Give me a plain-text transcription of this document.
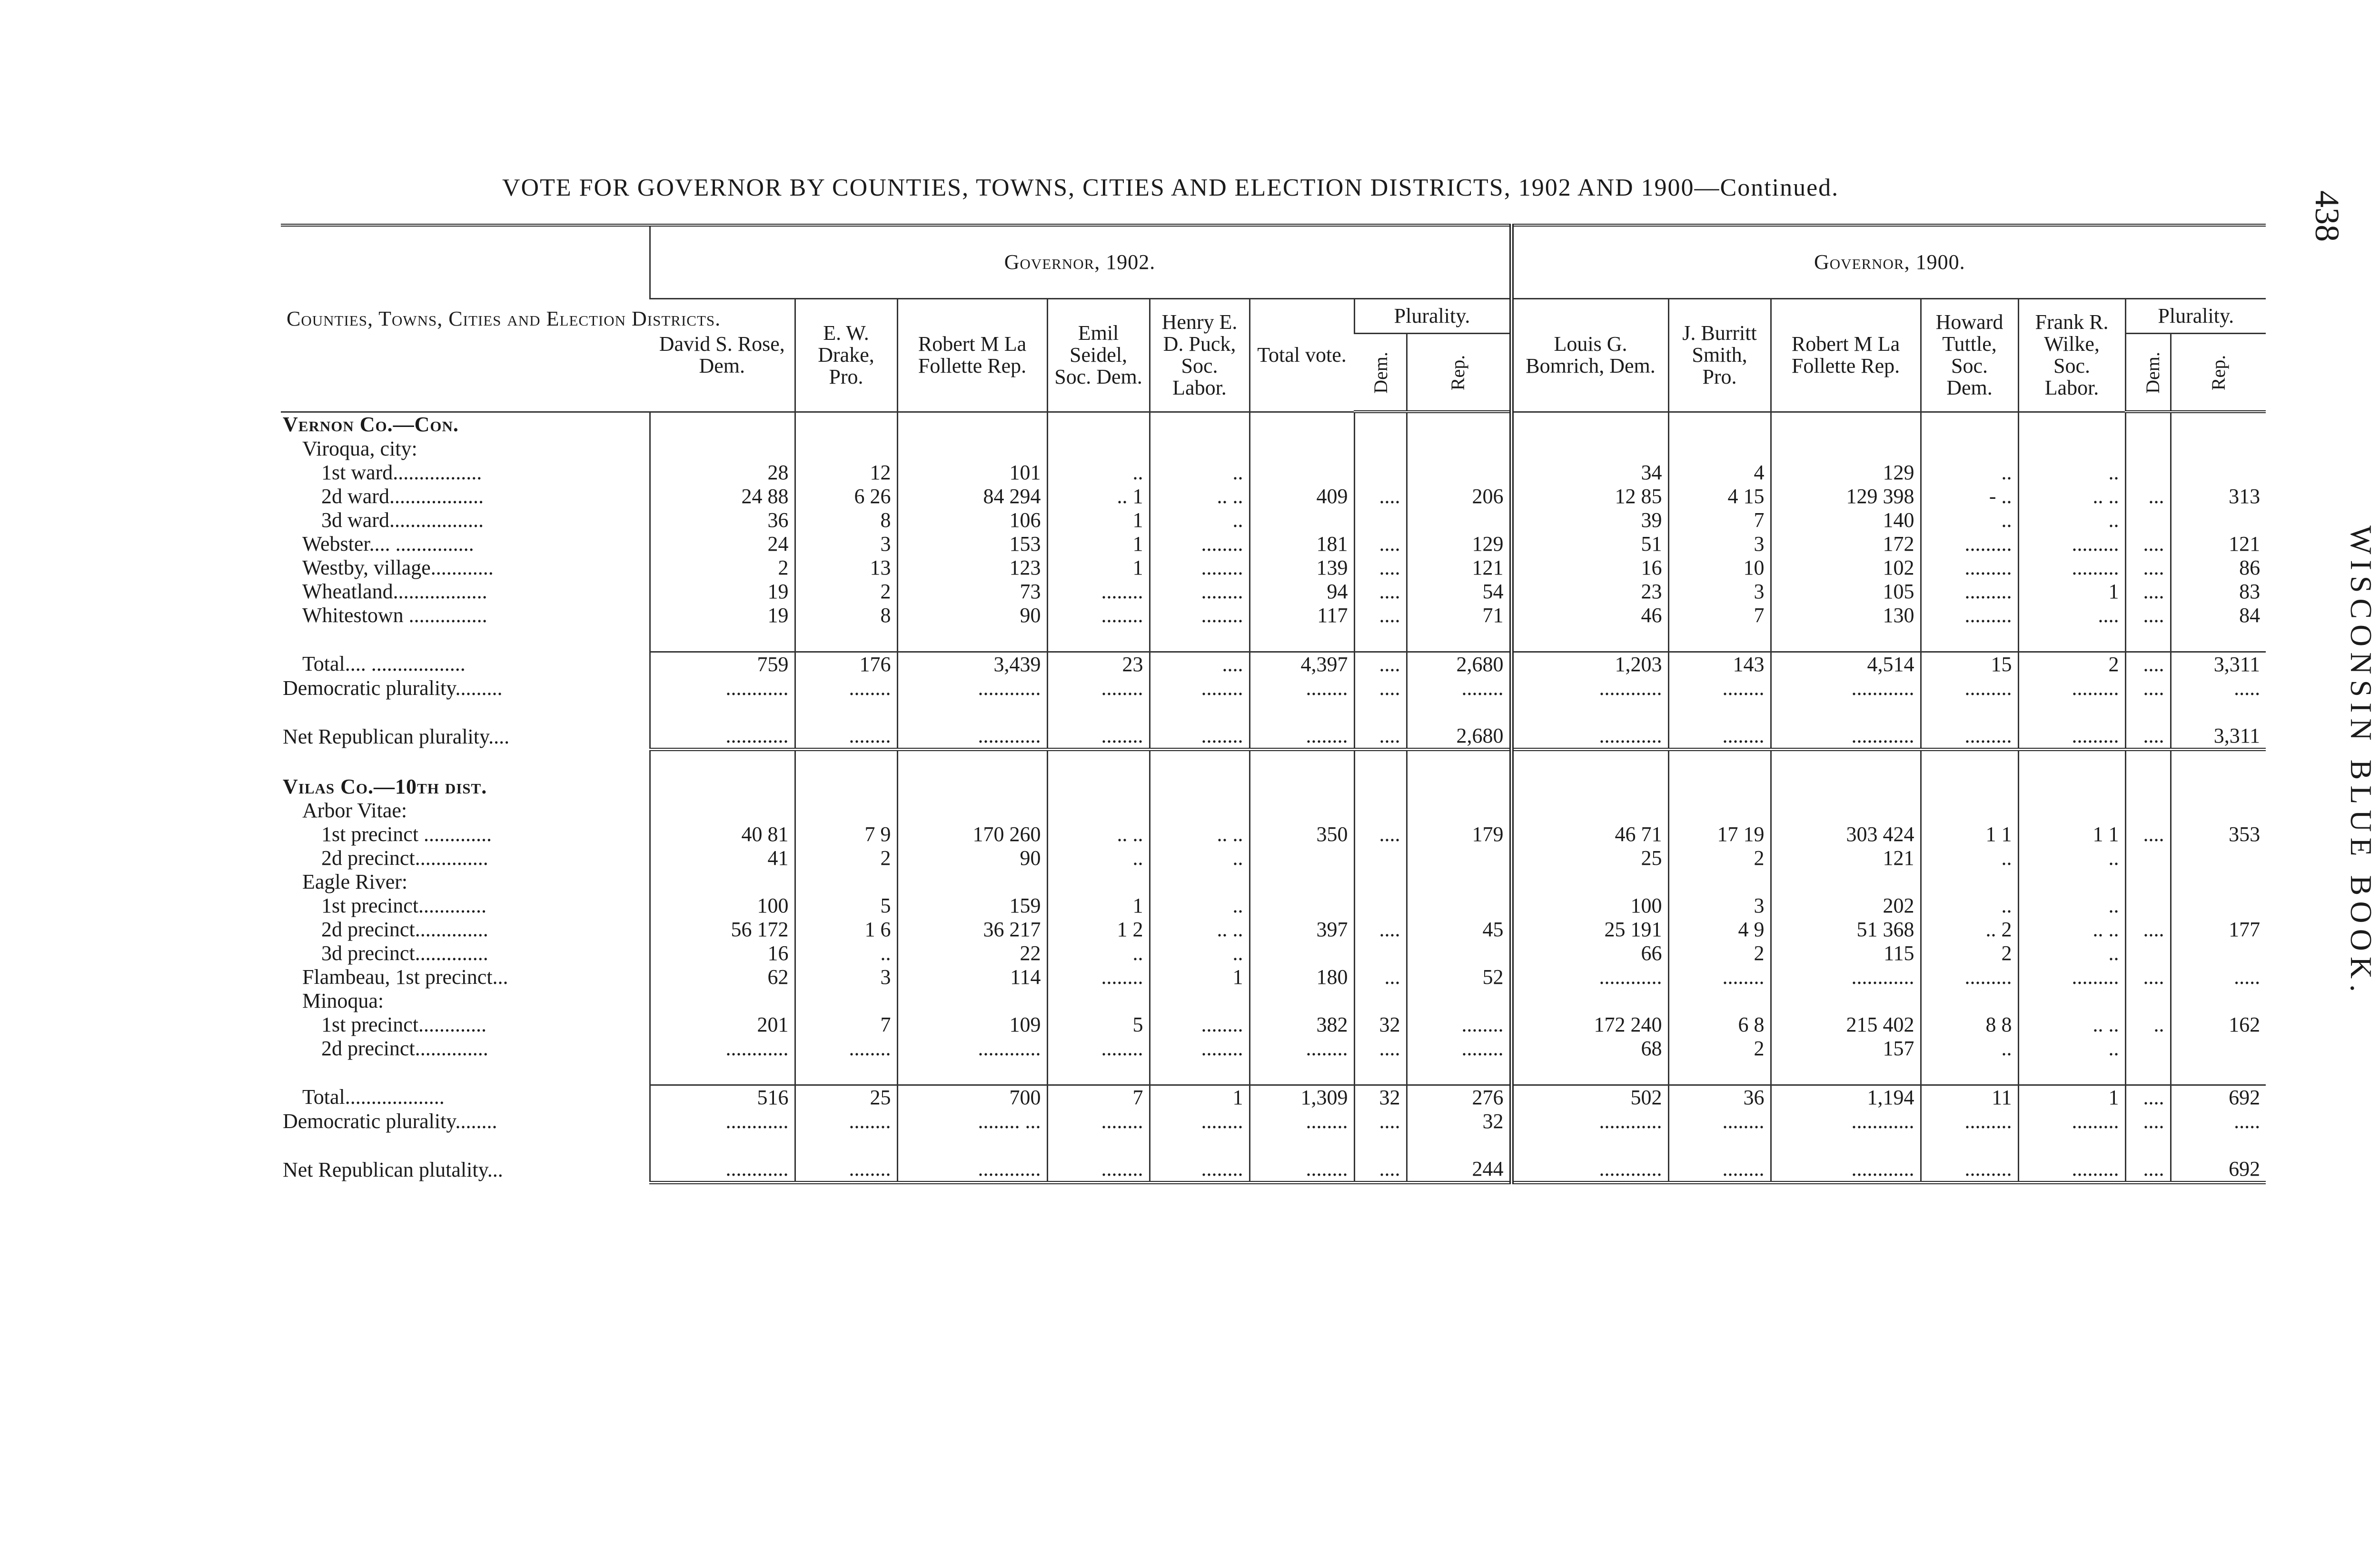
VOTE FOR GOVERNOR BY COUNTIES, TOWNS, CITIES AND ELECTION DISTRICTS, 1902 AND 1900—Continued.
438
WISCONSIN BLUE BOOK.
Counties, Towns, Cities and Election Districts.	Governor, 1902.								Governor, 1900.						
	David S. Rose, Dem.	E. W. Drake, Pro.	Robert M La Follette Rep.	Emil Seidel, Soc. Dem.	Henry E. D. Puck, Soc. Labor.	Total vote.	Plurality.		Louis G. Bomrich, Dem.	J. Burritt Smith, Pro.	Robert M La Follette Rep.	Howard Tuttle, Soc. Dem.	Frank R. Wilke, Soc. Labor.	Plurality.	
							Dem.	Rep.						Dem.	Rep.
Vernon Co.—Con.															
Viroqua, city:															
1st ward.................	28	12	101	..	..				34	4	129	..	..		
2d ward..................	24 88	6 26	84 294	.. 1	.. ..	409	....	206	12 85	4 15	129 398	- ..	.. ..	...	313
3d ward..................	36	8	106	1	..				39	7	140	..	..		
Webster.... ...............	24	3	153	1	........	181	....	129	51	3	172	.........	.........	....	121
Westby, village............	2	13	123	1	........	139	....	121	16	10	102	.........	.........	....	86
Wheatland..................	19	2	73	........	........	94	....	54	23	3	105	.........	1	....	83
Whitestown ...............	19	8	90	........	........	117	....	71	46	7	130	.........	....	....	84

Total.... ..................	759	176	3,439	23	....	4,397	....	2,680	1,203	143	4,514	15	2	....	3,311
Democratic plurality.........	............	........	............	........	........	........	....	........	............	........	............	.........	.........	....	.....

Net Republican plurality....	............	........	............	........	........	........	....	2,680	............	........	............	.........	.........	....	3,311

Vilas Co.—10th dist.															
Arbor Vitae:															
1st precinct .............	40 81	7 9	170 260	.. ..	.. ..	350	....	179	46 71	17 19	303 424	1 1	1 1	....	353
2d precinct..............	41	2	90	..	..				25	2	121	..	..		
Eagle River:															
1st precinct.............	100	5	159	1	..				100	3	202	..	..		
2d precinct..............	56 172	1 6	36 217	1 2	.. ..	397	....	45	25 191	4 9	51 368	.. 2	.. ..	....	177
3d precinct..............	16	..	22	..	..				66	2	115	2	..		
Flambeau, 1st precinct...	62	3	114	........	1	180	...	52	............	........	............	.........	.........	....	.....
Minoqua:															
1st precinct.............	201	7	109	5	........	382	32	........	172 240	6 8	215 402	8 8	.. ..	..	162
2d precinct..............	............	........	............	........	........	........	....	........	68	2	157	..	..		

Total...................	516	25	700	7	1	1,309	32	276	502	36	1,194	11	1	....	692
Democratic plurality........	............	........	........ ...	........	........	........	....	32	............	........	............	.........	.........	....	.....

Net Republican plutality...	............	........	............	........	........	........	....	244	............	........	............	.........	.........	....	692
